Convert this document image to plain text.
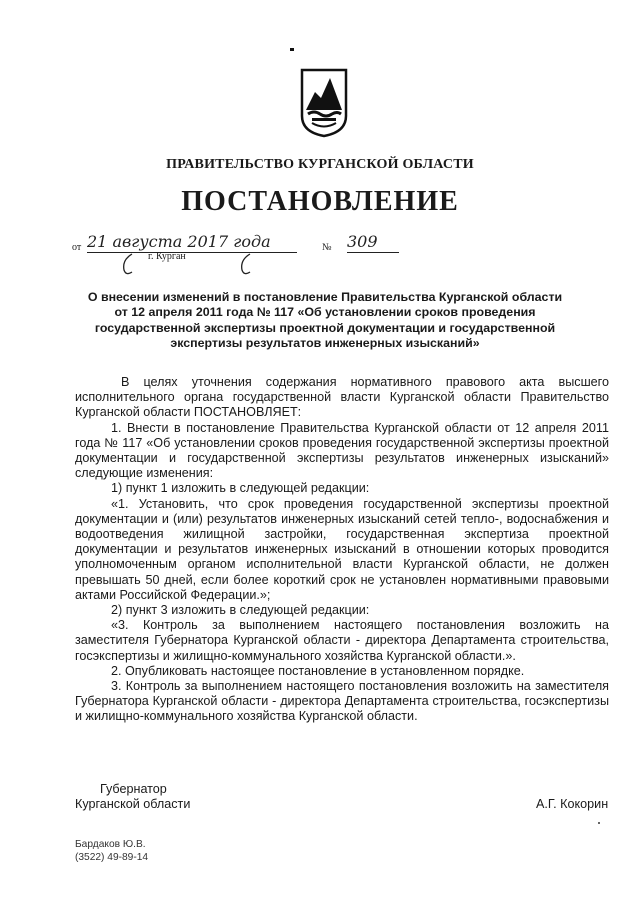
ПРАВИТЕЛЬСТВО КУРГАНСКОЙ ОБЛАСТИ
ПОСТАНОВЛЕНИЕ
от 21 августа 2017 года	№ 309
г. Курган
О внесении изменений в постановление Правительства Курганской области
от 12 апреля 2011 года № 117 «Об установлении сроков проведения
государственной экспертизы проектной документации и государственной
экспертизы результатов инженерных изысканий»

В целях уточнения содержания нормативного правового акта высшего исполнительного органа государственной власти Курганской области Правительство Курганской области ПОСТАНОВЛЯЕТ:

1. Внести в постановление Правительства Курганской области от 12 апреля 2011 года № 117 «Об установлении сроков проведения государственной экспертизы проектной документации и государственной экспертизы результатов инженерных изысканий» следующие изменения:

1) пункт 1 изложить в следующей редакции:

«1. Установить, что срок проведения государственной экспертизы проектной документации и (или) результатов инженерных изысканий сетей тепло-, водоснабжения и водоотведения жилищной застройки, государственная экспертиза проектной документации и результатов инженерных изысканий в отношении которых проводится уполномоченным органом исполнительной власти Курганской области, не должен превышать 50 дней, если более короткий срок не установлен нормативными правовыми актами Российской Федерации.»;

2) пункт 3 изложить в следующей редакции:

«3. Контроль за выполнением настоящего постановления возложить на заместителя Губернатора Курганской области - директора Департамента строительства, госэкспертизы и жилищно-коммунального хозяйства Курганской области.».

2. Опубликовать настоящее постановление в установленном порядке.

3. Контроль за выполнением настоящего постановления возложить на заместителя Губернатора Курганской области - директора Департамента строительства, госэкспертизы и жилищно-коммунального хозяйства Курганской области.

Губернатор
Курганской области	А.Г. Кокорин
Бардаков Ю.В.
(3522) 49-89-14
